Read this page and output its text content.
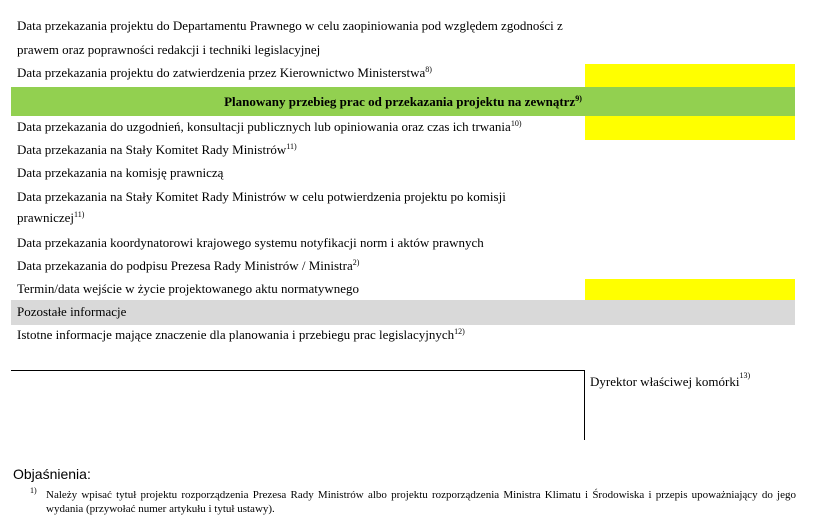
Data przekazania projektu do Departamentu Prawnego w celu zaopiniowania pod względem zgodności z
prawem oraz poprawności redakcji i techniki legislacyjnej
Data przekazania projektu do zatwierdzenia przez Kierownictwo Ministerstwa$^{8)}$
Planowany przebieg prac od przekazania projektu na zewnątrz$^{9)}$
Data przekazania do uzgodnień, konsultacji publicznych lub opiniowania oraz czas ich trwania$^{10)}$
Data przekazania na Stały Komitet Rady Ministrów$^{11)}$
Data przekazania na komisję prawniczą
Data przekazania na Stały Komitet Rady Ministrów w celu potwierdzenia projektu po komisji
prawniczej$^{11)}$
Data przekazania koordynatorowi krajowego systemu notyfikacji norm i aktów prawnych
Data przekazania do podpisu Prezesa Rady Ministrów / Ministra$^{2)}$
Termin/data wejście w życie projektowanego aktu normatywnego
Pozostałe informacje
Istotne informacje mające znaczenie dla planowania i przebiegu prac legislacyjnych$^{12)}$
Dyrektor właściwej komórki$^{13)}$
Objaśnienia:
1) Należy wpisać tytuł projektu rozporządzenia Prezesa Rady Ministrów albo projektu rozporządzenia Ministra Klimatu i Środowiska i przepis upoważniający do jego wydania (przywołać numer artykułu i tytuł ustawy).
